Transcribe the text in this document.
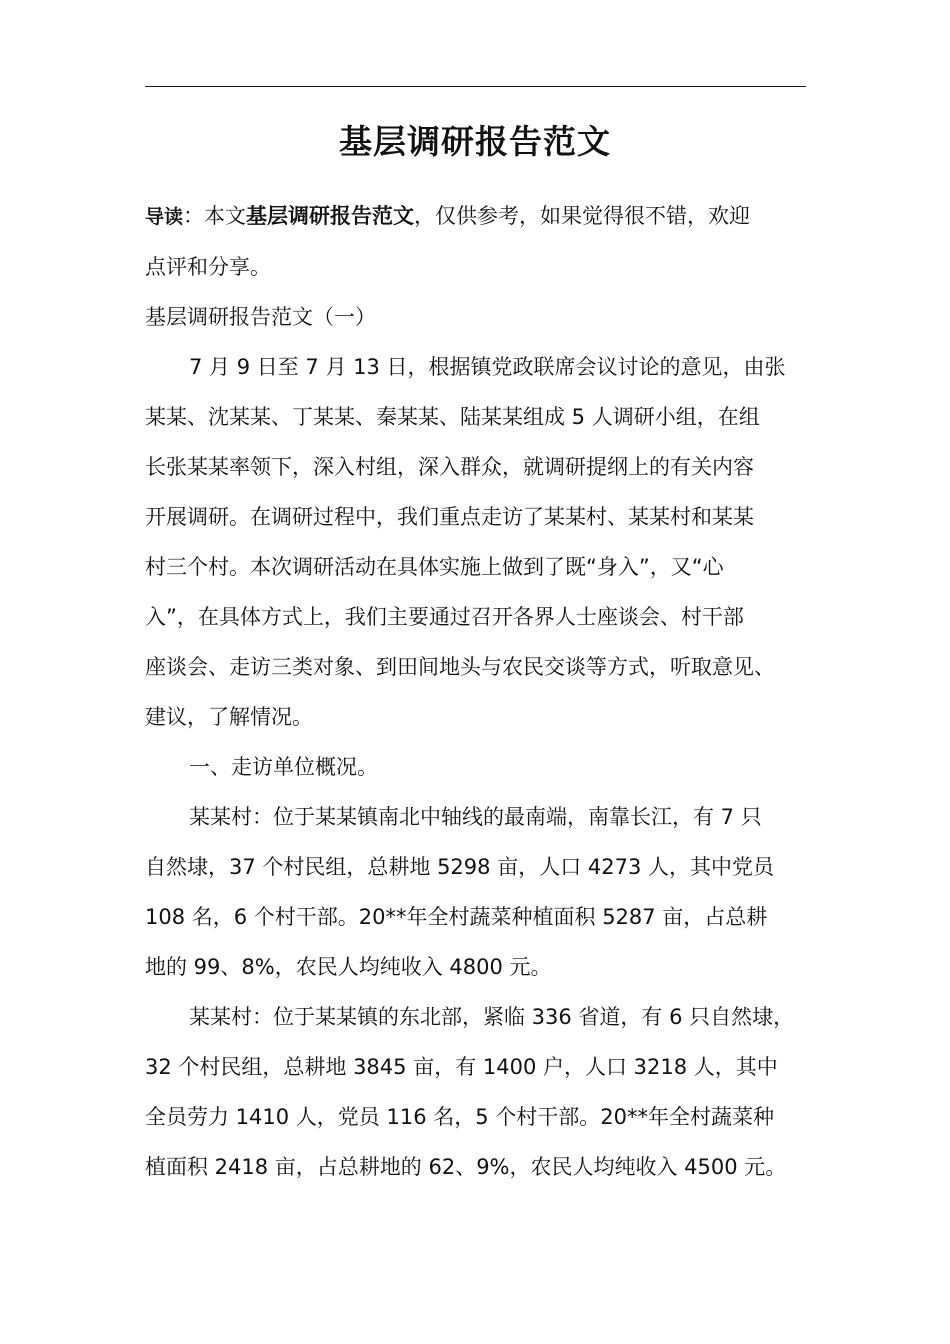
基层调研报告范文

导读：本文基层调研报告范文，仅供参考，如果觉得很不错，欢迎

点评和分享。

基层调研报告范文（一）

7 月 9 日至 7 月 13 日，根据镇党政联席会议讨论的意见，由张

某某、沈某某、丁某某、秦某某、陆某某组成 5 人调研小组，在组

长张某某率领下，深入村组，深入群众，就调研提纲上的有关内容

开展调研。在调研过程中，我们重点走访了某某村、某某村和某某

村三个村。本次调研活动在具体实施上做到了既“身入”，又“心

入”，在具体方式上，我们主要通过召开各界人士座谈会、村干部

座谈会、走访三类对象、到田间地头与农民交谈等方式，听取意见、

建议，了解情况。

一、走访单位概况。

某某村：位于某某镇南北中轴线的最南端，南靠长江，有 7 只

自然埭，37 个村民组，总耕地 5298 亩，人口 4273 人，其中党员

108 名，6 个村干部。20**年全村蔬菜种植面积 5287 亩，占总耕

地的 99、8%，农民人均纯收入 4800 元。

某某村：位于某某镇的东北部，紧临 336 省道，有 6 只自然埭，

32 个村民组，总耕地 3845 亩，有 1400 户，人口 3218 人，其中

全员劳力 1410 人，党员 116 名，5 个村干部。20**年全村蔬菜种

植面积 2418 亩，占总耕地的 62、9%，农民人均纯收入 4500 元。
